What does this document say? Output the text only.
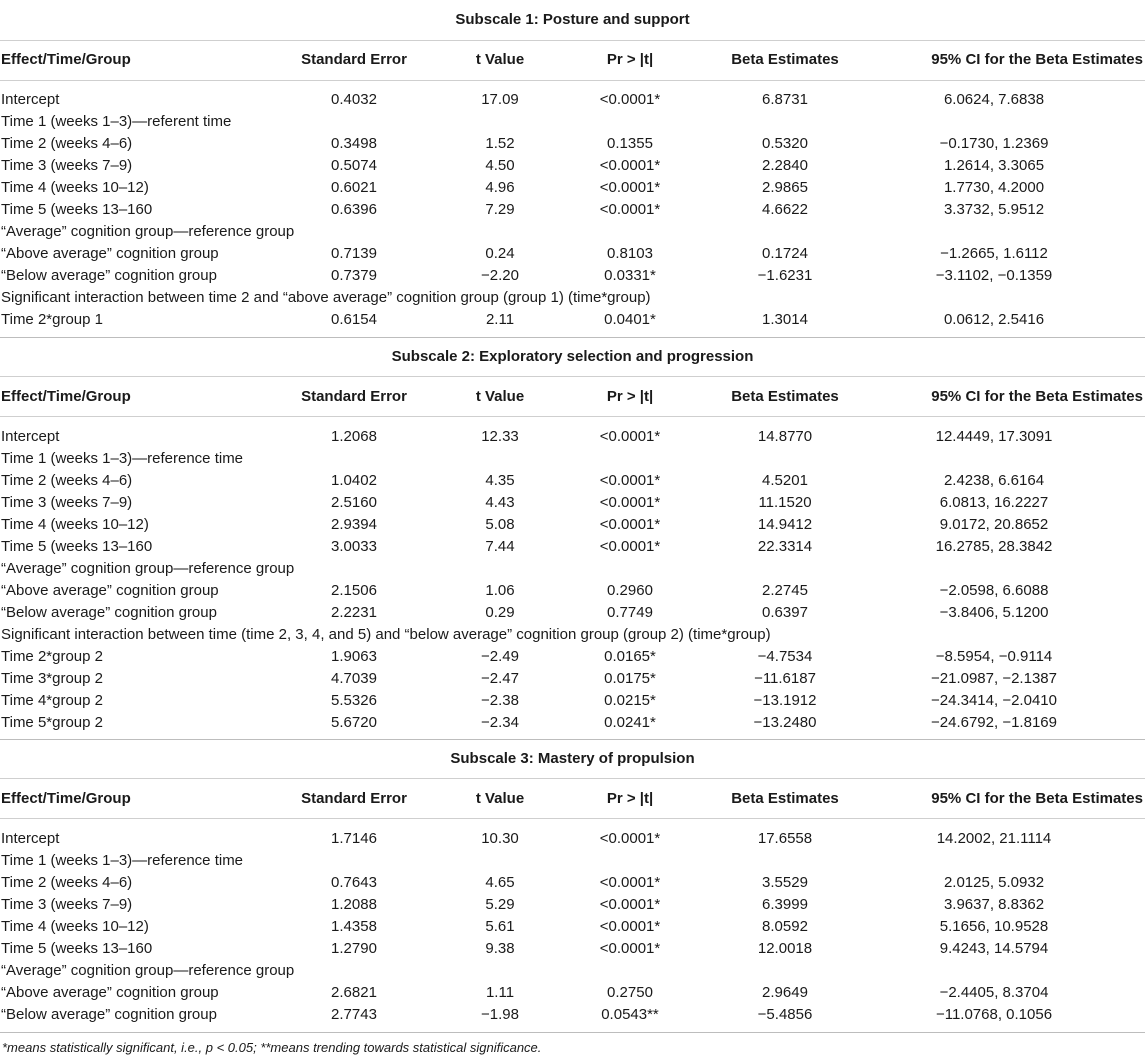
Subscale 1: Posture and support
Effect/Time/Group	Standard Error	t Value	Pr > |t|	Beta Estimates	95% CI for the Beta Estimates
Intercept	0.4032	17.09	<0.0001*	6.8731	6.0624, 7.6838
Time 1 (weeks 1–3)—referent time
Time 2 (weeks 4–6)	0.3498	1.52	0.1355	0.5320	−0.1730, 1.2369
Time 3 (weeks 7–9)	0.5074	4.50	<0.0001*	2.2840	1.2614, 3.3065
Time 4 (weeks 10–12)	0.6021	4.96	<0.0001*	2.9865	1.7730, 4.2000
Time 5 (weeks 13–160	0.6396	7.29	<0.0001*	4.6622	3.3732, 5.9512
“Average” cognition group—reference group
“Above average” cognition group	0.7139	0.24	0.8103	0.1724	−1.2665, 1.6112
“Below average” cognition group	0.7379	−2.20	0.0331*	−1.6231	−3.1102, −0.1359
Significant interaction between time 2 and “above average” cognition group (group 1) (time*group)
Time 2*group 1	0.6154	2.11	0.0401*	1.3014	0.0612, 2.5416
Subscale 2: Exploratory selection and progression
Effect/Time/Group	Standard Error	t Value	Pr > |t|	Beta Estimates	95% CI for the Beta Estimates
Intercept	1.2068	12.33	<0.0001*	14.8770	12.4449, 17.3091
Time 1 (weeks 1–3)—reference time
Time 2 (weeks 4–6)	1.0402	4.35	<0.0001*	4.5201	2.4238, 6.6164
Time 3 (weeks 7–9)	2.5160	4.43	<0.0001*	11.1520	6.0813, 16.2227
Time 4 (weeks 10–12)	2.9394	5.08	<0.0001*	14.9412	9.0172, 20.8652
Time 5 (weeks 13–160	3.0033	7.44	<0.0001*	22.3314	16.2785, 28.3842
“Average” cognition group—reference group
“Above average” cognition group	2.1506	1.06	0.2960	2.2745	−2.0598, 6.6088
“Below average” cognition group	2.2231	0.29	0.7749	0.6397	−3.8406, 5.1200
Significant interaction between time (time 2, 3, 4, and 5) and “below average” cognition group (group 2) (time*group)
Time 2*group 2	1.9063	−2.49	0.0165*	−4.7534	−8.5954, −0.9114
Time 3*group 2	4.7039	−2.47	0.0175*	−11.6187	−21.0987, −2.1387
Time 4*group 2	5.5326	−2.38	0.0215*	−13.1912	−24.3414, −2.0410
Time 5*group 2	5.6720	−2.34	0.0241*	−13.2480	−24.6792, −1.8169
Subscale 3: Mastery of propulsion
Effect/Time/Group	Standard Error	t Value	Pr > |t|	Beta Estimates	95% CI for the Beta Estimates
Intercept	1.7146	10.30	<0.0001*	17.6558	14.2002, 21.1114
Time 1 (weeks 1–3)—reference time
Time 2 (weeks 4–6)	0.7643	4.65	<0.0001*	3.5529	2.0125, 5.0932
Time 3 (weeks 7–9)	1.2088	5.29	<0.0001*	6.3999	3.9637, 8.8362
Time 4 (weeks 10–12)	1.4358	5.61	<0.0001*	8.0592	5.1656, 10.9528
Time 5 (weeks 13–160	1.2790	9.38	<0.0001*	12.0018	9.4243, 14.5794
“Average” cognition group—reference group
“Above average” cognition group	2.6821	1.11	0.2750	2.9649	−2.4405, 8.3704
“Below average” cognition group	2.7743	−1.98	0.0543**	−5.4856	−11.0768, 0.1056
*means statistically significant, i.e., p < 0.05; **means trending towards statistical significance.
